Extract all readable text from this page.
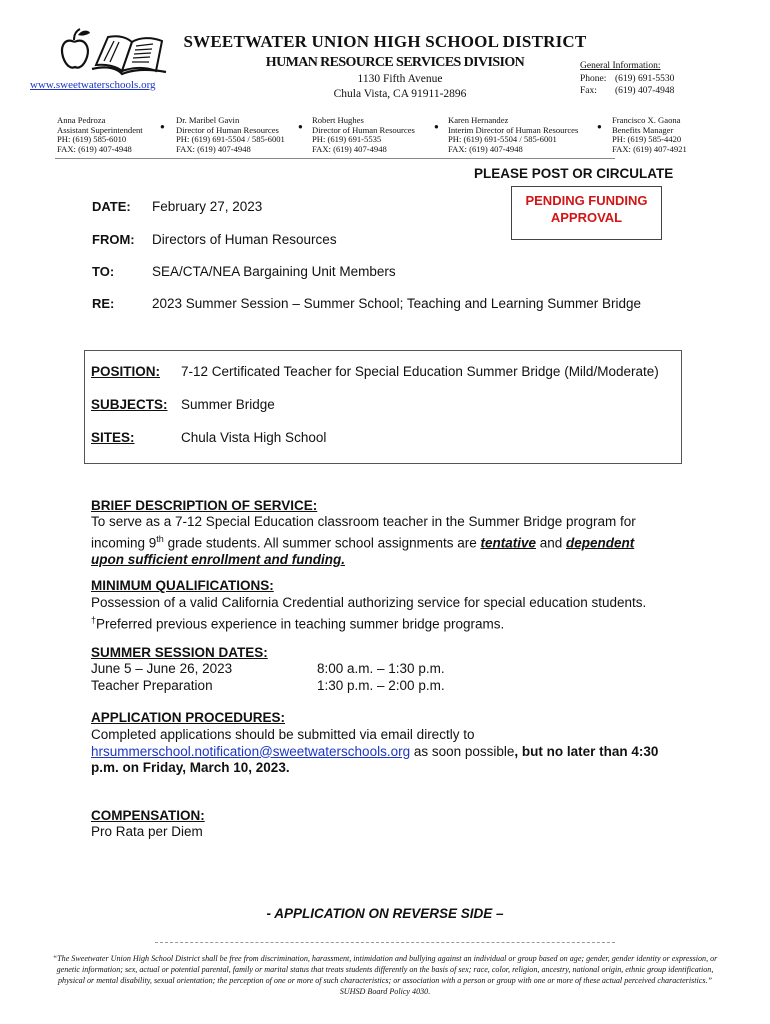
www.sweetwaterschools.org
SWEETWATER UNION HIGH SCHOOL DISTRICT
HUMAN RESOURCE SERVICES DIVISION
1130 Fifth Avenue
Chula Vista, CA 91911-2896
General Information:
Phone: (619) 691-5530
Fax: (619) 407-4948
Anna Pedroza
Assistant Superintendent
PH: (619) 585-6010
FAX: (619) 407-4948
●
Dr. Maribel Gavin
Director of Human Resources
PH: (619) 691-5504 / 585-6001
FAX: (619) 407-4948
●
Robert Hughes
Director of Human Resources
PH: (619) 691-5535
FAX: (619) 407-4948
●
Karen Hernandez
Interim Director of Human Resources
PH: (619) 691-5504 / 585-6001
FAX: (619) 407-4948
●
Francisco X. Gaona
Benefits Manager
PH: (619) 585-4420
FAX: (619) 407-4921
PLEASE POST OR CIRCULATE
PENDING FUNDING
APPROVAL
DATE: February 27, 2023
FROM: Directors of Human Resources
TO:	SEA/CTA/NEA Bargaining Unit Members
RE:	2023 Summer Session – Summer School; Teaching and Learning Summer Bridge
POSITION: 7-12 Certificated Teacher for Special Education Summer Bridge (Mild/Moderate)
SUBJECTS: Summer Bridge
SITES:	Chula Vista High School
BRIEF DESCRIPTION OF SERVICE:
To serve as a 7-12 Special Education classroom teacher in the Summer Bridge program for
incoming 9th grade students. All summer school assignments are tentative and dependent
upon sufficient enrollment and funding.
MINIMUM QUALIFICATIONS:
Possession of a valid California Credential authorizing service for special education students.
†Preferred previous experience in teaching summer bridge programs.
SUMMER SESSION DATES:
June 5 – June 26, 2023	8:00 a.m. – 1:30 p.m.
Teacher Preparation	1:30 p.m. – 2:00 p.m.
APPLICATION PROCEDURES:
Completed applications should be submitted via email directly to
hrsummerschool.notification@sweetwaterschools.org as soon possible, but no later than 4:30
p.m. on Friday, March 10, 2023.
COMPENSATION:
Pro Rata per Diem
- APPLICATION ON REVERSE SIDE –
“The Sweetwater Union High School District shall be free from discrimination, harassment, intimidation and bullying against an individual or group based on age; gender, gender identity or expression, or genetic information; sex, actual or potential parental, family or marital status that treats students differently on the basis of sex; race, color, religion, ancestry, national origin, ethnic group identification, physical or mental disability, sexual orientation; the perception of one or more of such characteristics; or association with a person or group with one or more of these actual perceived characteristics.” SUHSD Board Policy 4030.
